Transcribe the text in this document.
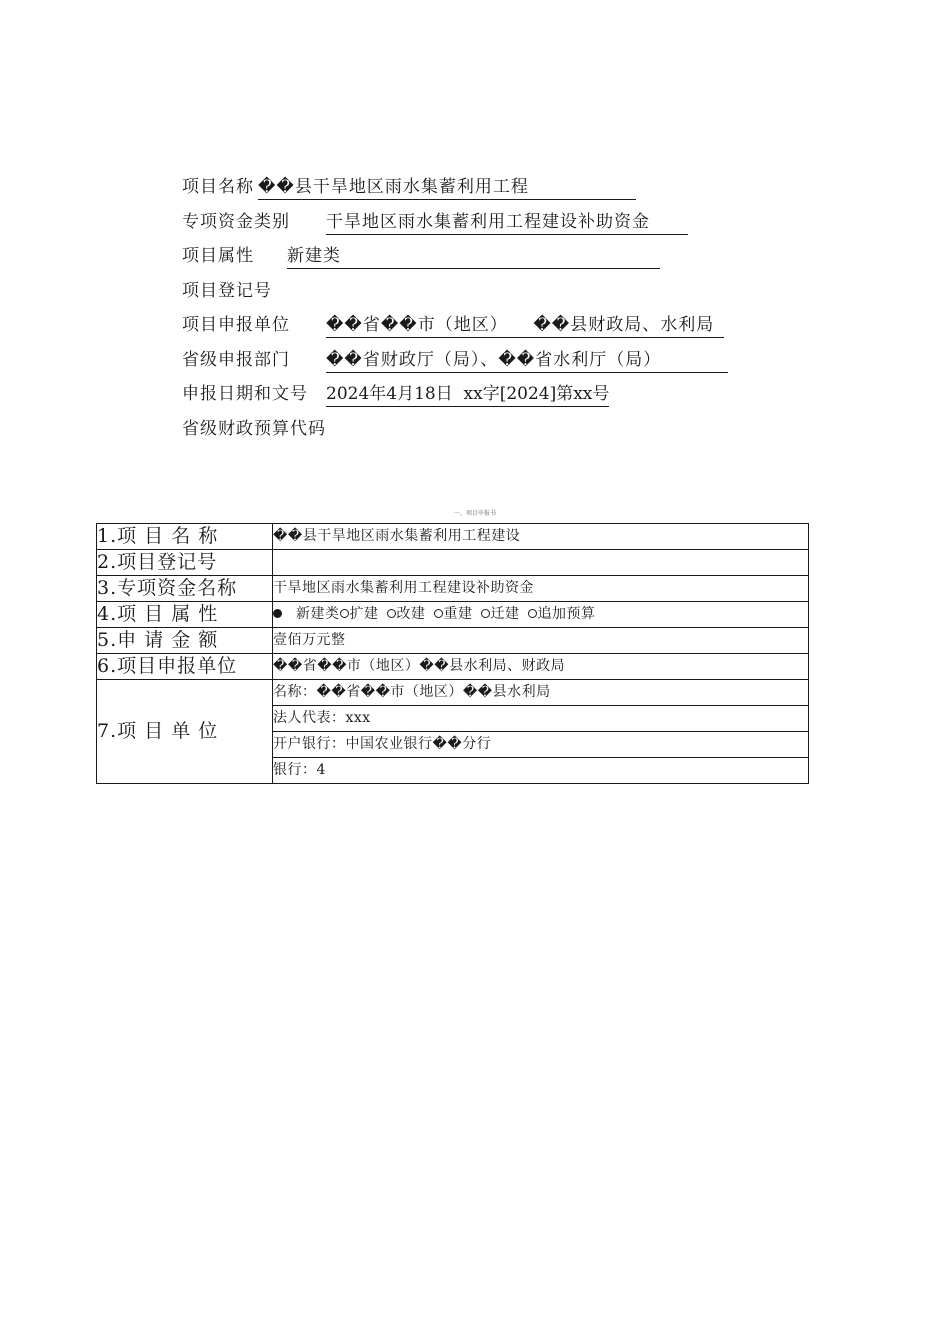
项目名称 ��县干旱地区雨水集蓄利用工程
专项资金类别 干旱地区雨水集蓄利用工程建设补助资金
项目属性 新建类
项目登记号
项目申报单位 ��省��市（地区）    ��县财政局、水利局
省级申报部门 ��省财政厅（局）、��省水利厅（局）
申报日期和文号 2024年4月18日  xx字[2024]第xx号
省级财政预算代码
一、项目申报书
1.项 目 名 称	��县干旱地区雨水集蓄利用工程建设
2.项目登记号	
3.专项资金名称	干旱地区雨水集蓄利用工程建设补助资金
4.项 目 属 性	新建类 扩建 改建 重建 迁建 追加预算
5.申 请 金 额	壹佰万元整
6.项目申报单位	��省��市（地区）��县水利局、财政局
7.项 目 单 位	名称：��省��市（地区）��县水利局
	法人代表：xxx
	开户银行：中国农业银行��分行
	银行：4
